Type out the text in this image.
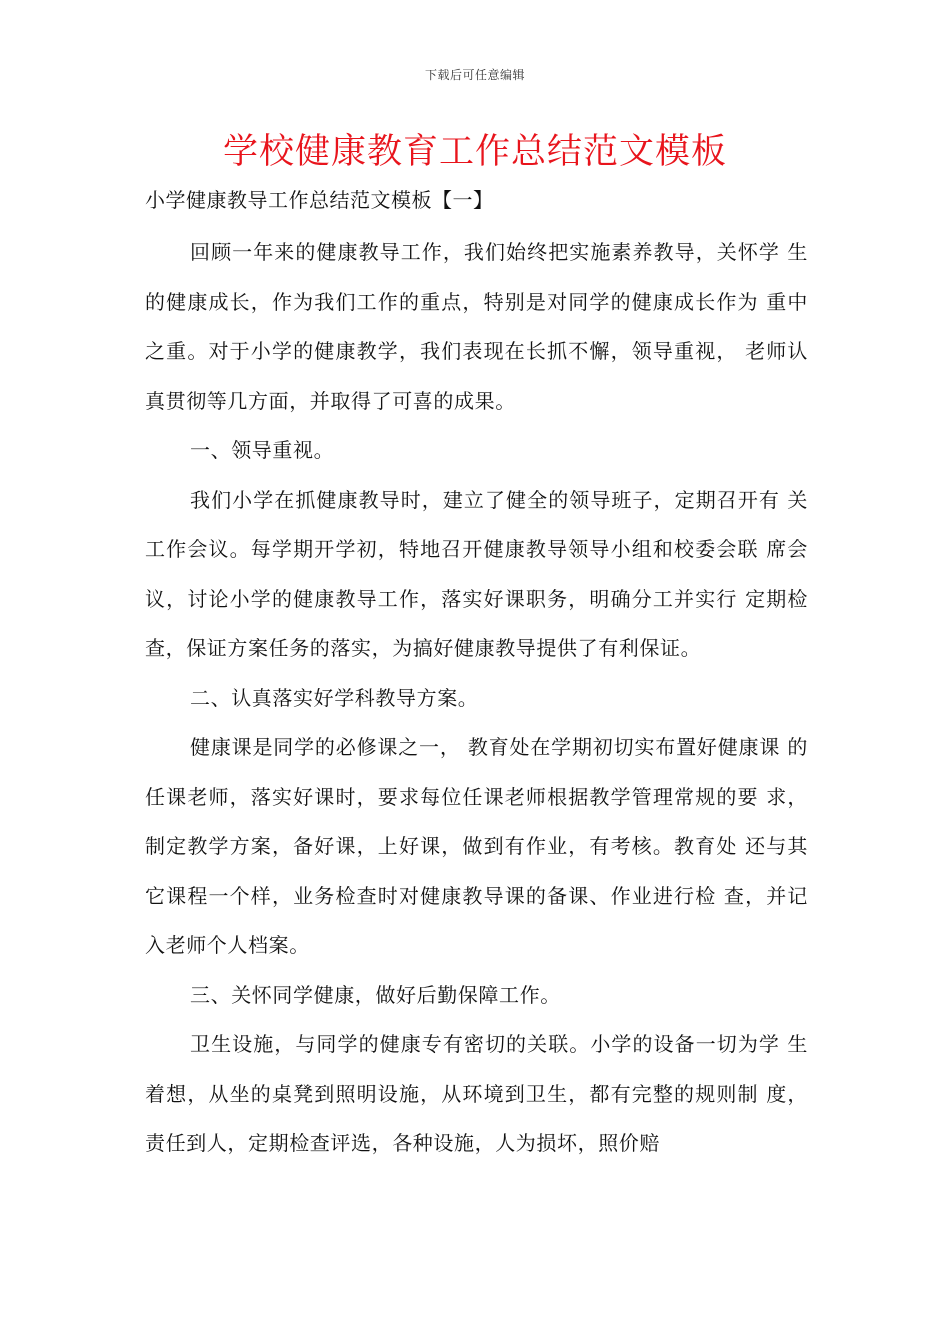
下载后可任意编辑
学校健康教育工作总结范文模板
小学健康教导工作总结范文模板【一】

回顾一年来的健康教导工作，我们始终把实施素养教导，关怀学 生的健康成长，作为我们工作的重点，特别是对同学的健康成长作为 重中之重。对于小学的健康教学，我们表现在长抓不懈，领导重视， 老师认真贯彻等几方面，并取得了可喜的成果。

一、领导重视。

我们小学在抓健康教导时，建立了健全的领导班子，定期召开有 关工作会议。每学期开学初，特地召开健康教导领导小组和校委会联 席会议，讨论小学的健康教导工作，落实好课职务，明确分工并实行 定期检查，保证方案任务的落实，为搞好健康教导提供了有利保证。

二、认真落实好学科教导方案。

健康课是同学的必修课之一， 教育处在学期初切实布置好健康课 的任课老师，落实好课时，要求每位任课老师根据教学管理常规的要 求，制定教学方案，备好课，上好课，做到有作业，有考核。教育处 还与其它课程一个样，业务检查时对健康教导课的备课、作业进行检 查，并记入老师个人档案。

三、关怀同学健康，做好后勤保障工作。

卫生设施，与同学的健康专有密切的关联。小学的设备一切为学 生着想，从坐的桌凳到照明设施，从环境到卫生，都有完整的规则制 度，责任到人，定期检查评选，各种设施，人为损坏，照价赔
